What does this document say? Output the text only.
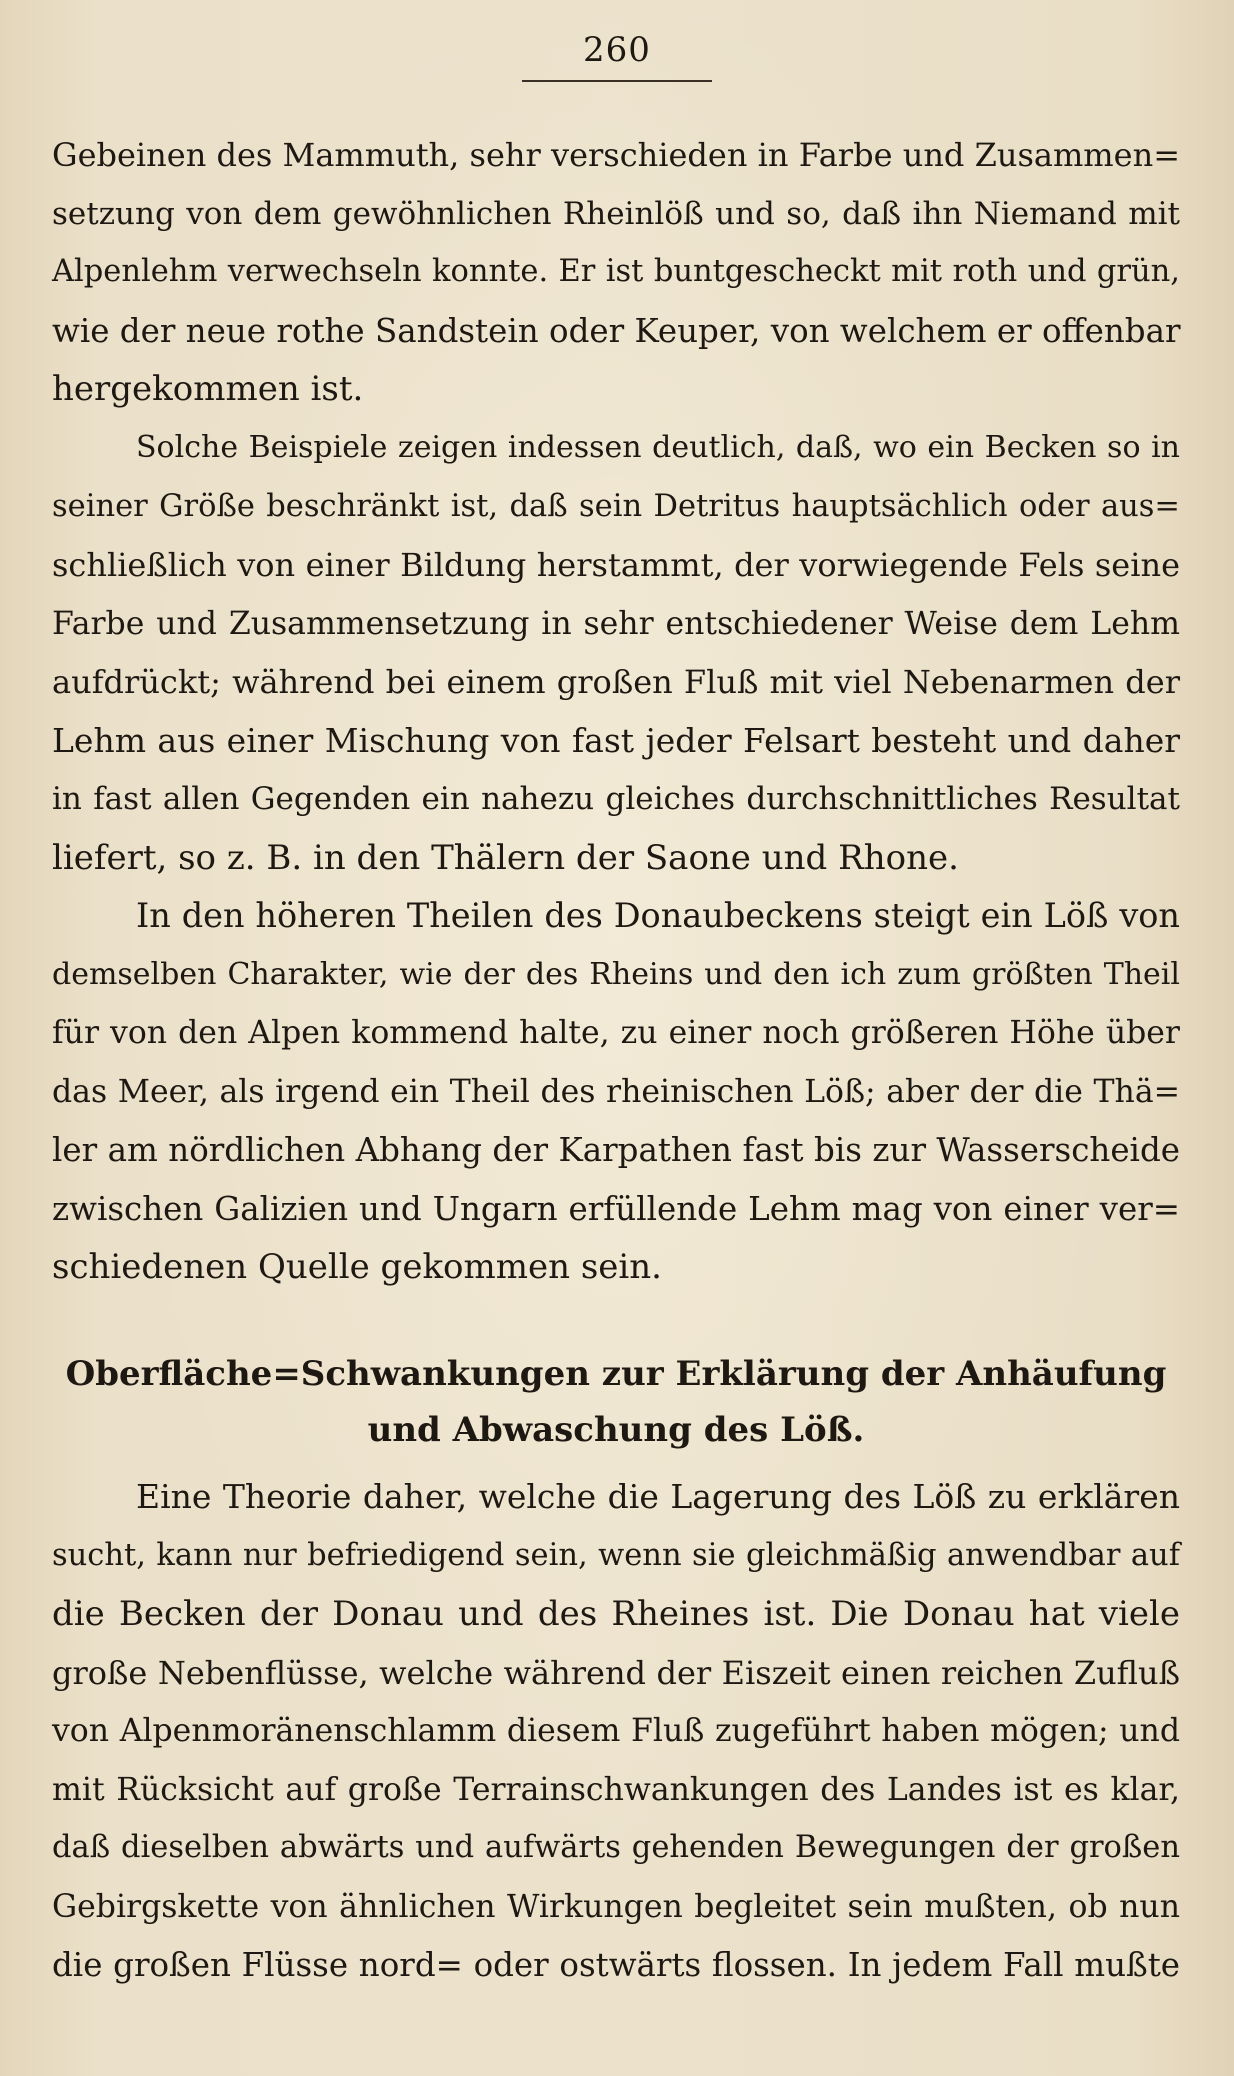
260
Gebeinen des Mammuth, sehr verschieden in Farbe und Zusammen=
setzung von dem gewöhnlichen Rheinlöß und so, daß ihn Niemand mit
Alpenlehm verwechseln konnte. Er ist buntgescheckt mit roth und grün,
wie der neue rothe Sandstein oder Keuper, von welchem er offenbar
hergekommen ist.
Solche Beispiele zeigen indessen deutlich, daß, wo ein Becken so in
seiner Größe beschränkt ist, daß sein Detritus hauptsächlich oder aus=
schließlich von einer Bildung herstammt, der vorwiegende Fels seine
Farbe und Zusammensetzung in sehr entschiedener Weise dem Lehm
aufdrückt; während bei einem großen Fluß mit viel Nebenarmen der
Lehm aus einer Mischung von fast jeder Felsart besteht und daher
in fast allen Gegenden ein nahezu gleiches durchschnittliches Resultat
liefert, so z. B. in den Thälern der Saone und Rhone.
In den höheren Theilen des Donaubeckens steigt ein Löß von
demselben Charakter, wie der des Rheins und den ich zum größten Theil
für von den Alpen kommend halte, zu einer noch größeren Höhe über
das Meer, als irgend ein Theil des rheinischen Löß; aber der die Thä=
ler am nördlichen Abhang der Karpathen fast bis zur Wasserscheide
zwischen Galizien und Ungarn erfüllende Lehm mag von einer ver=
schiedenen Quelle gekommen sein.
Oberfläche=Schwankungen zur Erklärung der Anhäufung
und Abwaschung des Löß.
Eine Theorie daher, welche die Lagerung des Löß zu erklären
sucht, kann nur befriedigend sein, wenn sie gleichmäßig anwendbar auf
die Becken der Donau und des Rheines ist. Die Donau hat viele
große Nebenflüsse, welche während der Eiszeit einen reichen Zufluß
von Alpenmoränenschlamm diesem Fluß zugeführt haben mögen; und
mit Rücksicht auf große Terrainschwankungen des Landes ist es klar,
daß dieselben abwärts und aufwärts gehenden Bewegungen der großen
Gebirgskette von ähnlichen Wirkungen begleitet sein mußten, ob nun
die großen Flüsse nord= oder ostwärts flossen. In jedem Fall mußte
